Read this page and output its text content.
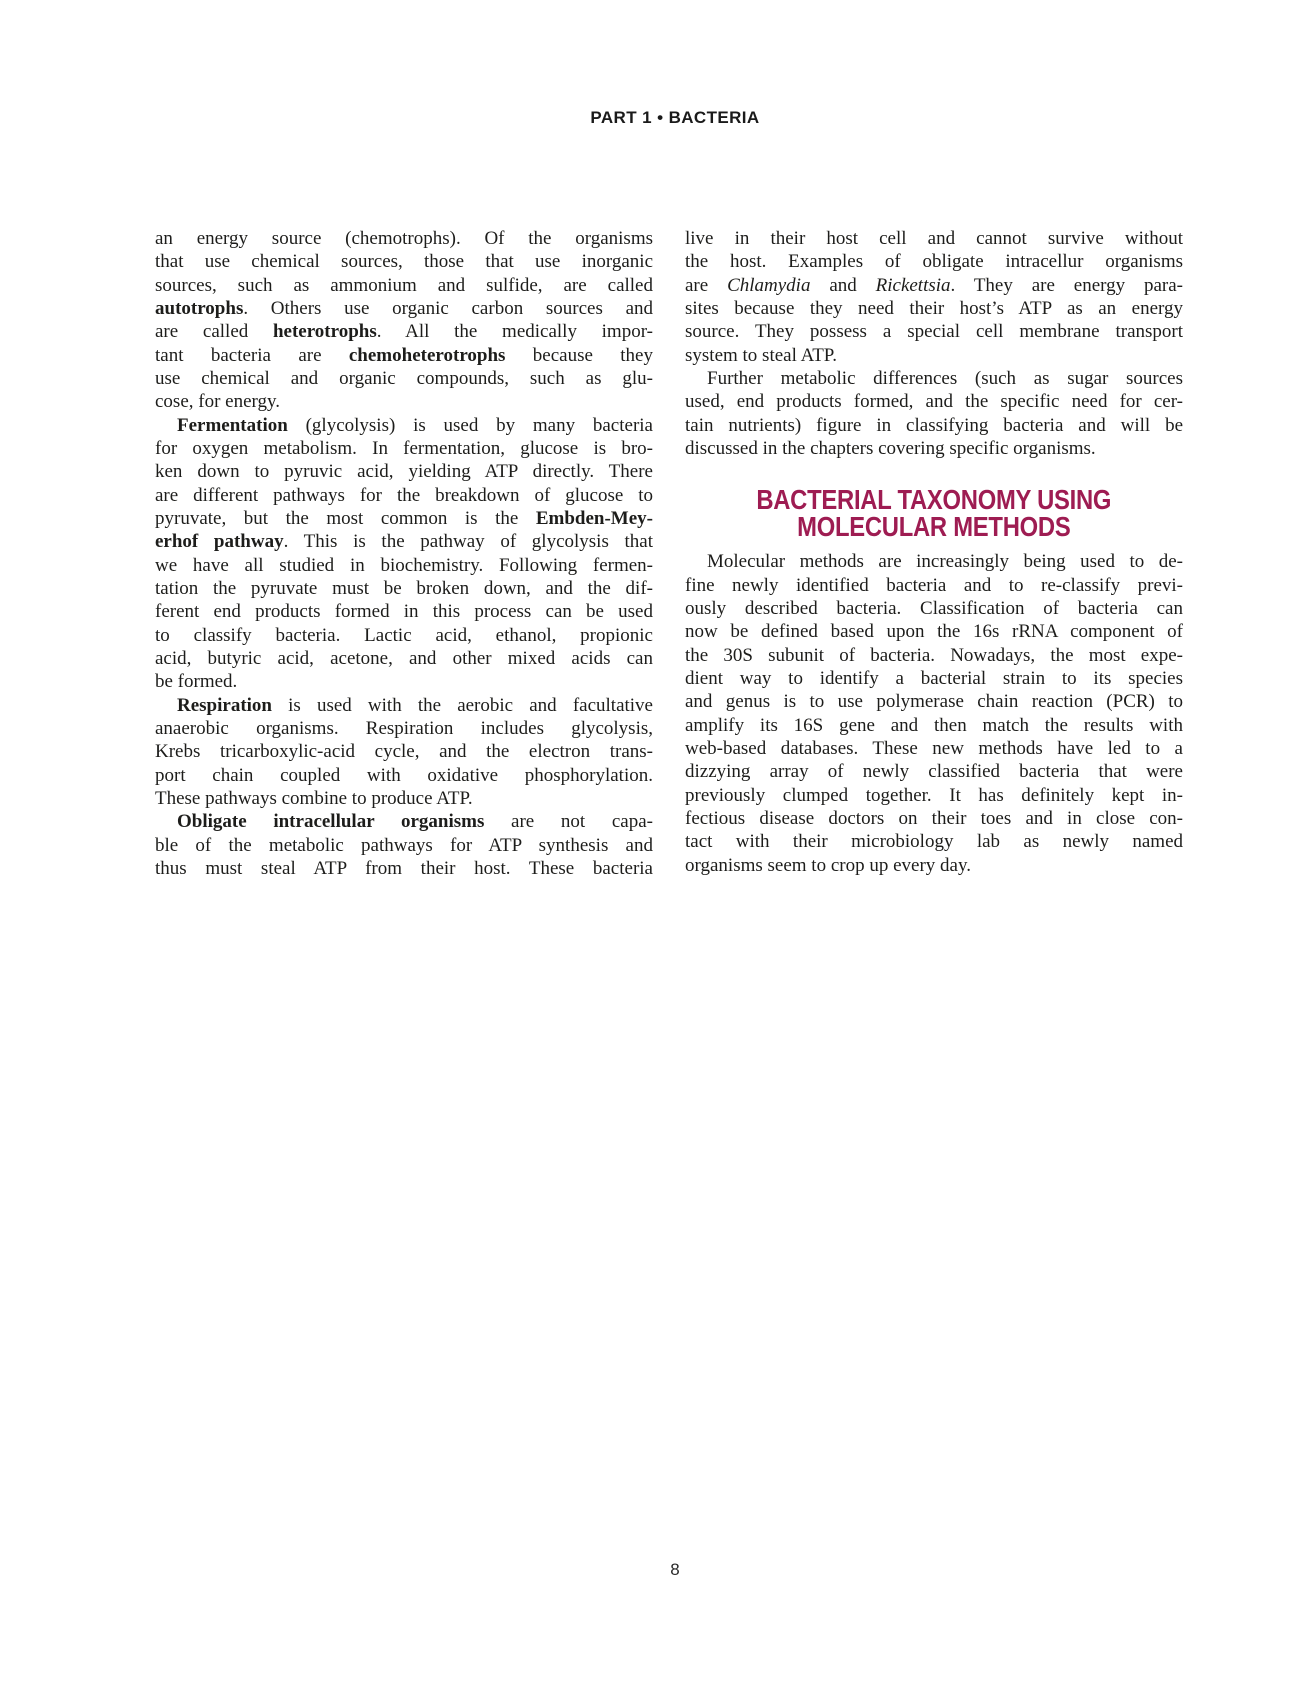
PART 1 • BACTERIA
an energy source (chemotrophs). Of the organisms
that use chemical sources, those that use inorganic
sources, such as ammonium and sulfide, are called
autotrophs. Others use organic carbon sources and
are called heterotrophs. All the medically impor-
tant bacteria are chemoheterotrophs because they
use chemical and organic compounds, such as glu-
cose, for energy.
Fermentation (glycolysis) is used by many bacteria
for oxygen metabolism. In fermentation, glucose is bro-
ken down to pyruvic acid, yielding ATP directly. There
are different pathways for the breakdown of glucose to
pyruvate, but the most common is the Embden-Mey-
erhof pathway. This is the pathway of glycolysis that
we have all studied in biochemistry. Following fermen-
tation the pyruvate must be broken down, and the dif-
ferent end products formed in this process can be used
to classify bacteria. Lactic acid, ethanol, propionic
acid, butyric acid, acetone, and other mixed acids can
be formed.
Respiration is used with the aerobic and facultative
anaerobic organisms. Respiration includes glycolysis,
Krebs tricarboxylic-acid cycle, and the electron trans-
port chain coupled with oxidative phosphorylation.
These pathways combine to produce ATP.
Obligate intracellular organisms are not capa-
ble of the metabolic pathways for ATP synthesis and
thus must steal ATP from their host. These bacteria
live in their host cell and cannot survive without
the host. Examples of obligate intracellur organisms
are Chlamydia and Rickettsia. They are energy para-
sites because they need their host’s ATP as an energy
source. They possess a special cell membrane transport
system to steal ATP.
Further metabolic differences (such as sugar sources
used, end products formed, and the specific need for cer-
tain nutrients) figure in classifying bacteria and will be
discussed in the chapters covering specific organisms.
BACTERIAL TAXONOMY USING
MOLECULAR METHODS
Molecular methods are increasingly being used to de-
fine newly identified bacteria and to re-classify previ-
ously described bacteria. Classification of bacteria can
now be defined based upon the 16s rRNA component of
the 30S subunit of bacteria. Nowadays, the most expe-
dient way to identify a bacterial strain to its species
and genus is to use polymerase chain reaction (PCR) to
amplify its 16S gene and then match the results with
web-based databases. These new methods have led to a
dizzying array of newly classified bacteria that were
previously clumped together. It has definitely kept in-
fectious disease doctors on their toes and in close con-
tact with their microbiology lab as newly named
organisms seem to crop up every day.
8
